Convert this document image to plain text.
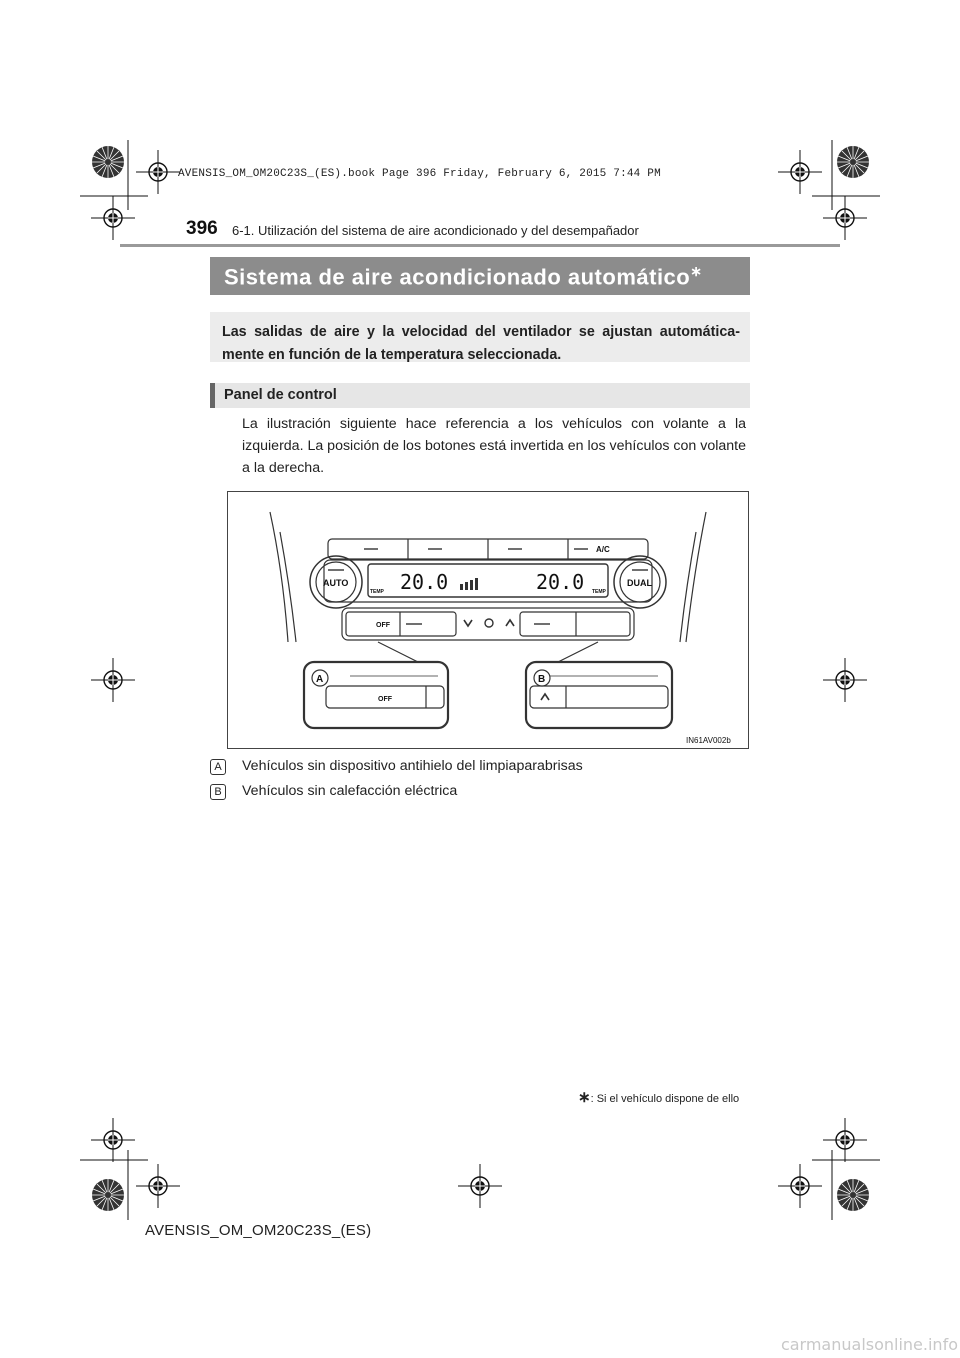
AVENSIS_OM_OM20C23S_(ES).book Page 396 Friday, February 6, 2015 7:44 PM
396 6-1. Utilización del sistema de aire acondicionado y del desempañador
Sistema de aire acondicionado automático∗

Las salidas de aire y la velocidad del ventilador se ajustan automática-mente en función de la temperatura seleccionada.

Panel de control
La ilustración siguiente hace referencia a los vehículos con volante a la izquierda. La posición de los botones está invertida en los vehículos con volante a la derecha.
AUTO	DUAL
A/C
TEMP	TEMP
20.0	20.0
OFF
OFF
IN61AV002b
A	B
A	Vehículos sin dispositivo antihielo del limpiaparabrisas
B	Vehículos sin calefacción eléctrica
∗: Si el vehículo dispone de ello
AVENSIS_OM_OM20C23S_(ES)
carmanualsonline.info
